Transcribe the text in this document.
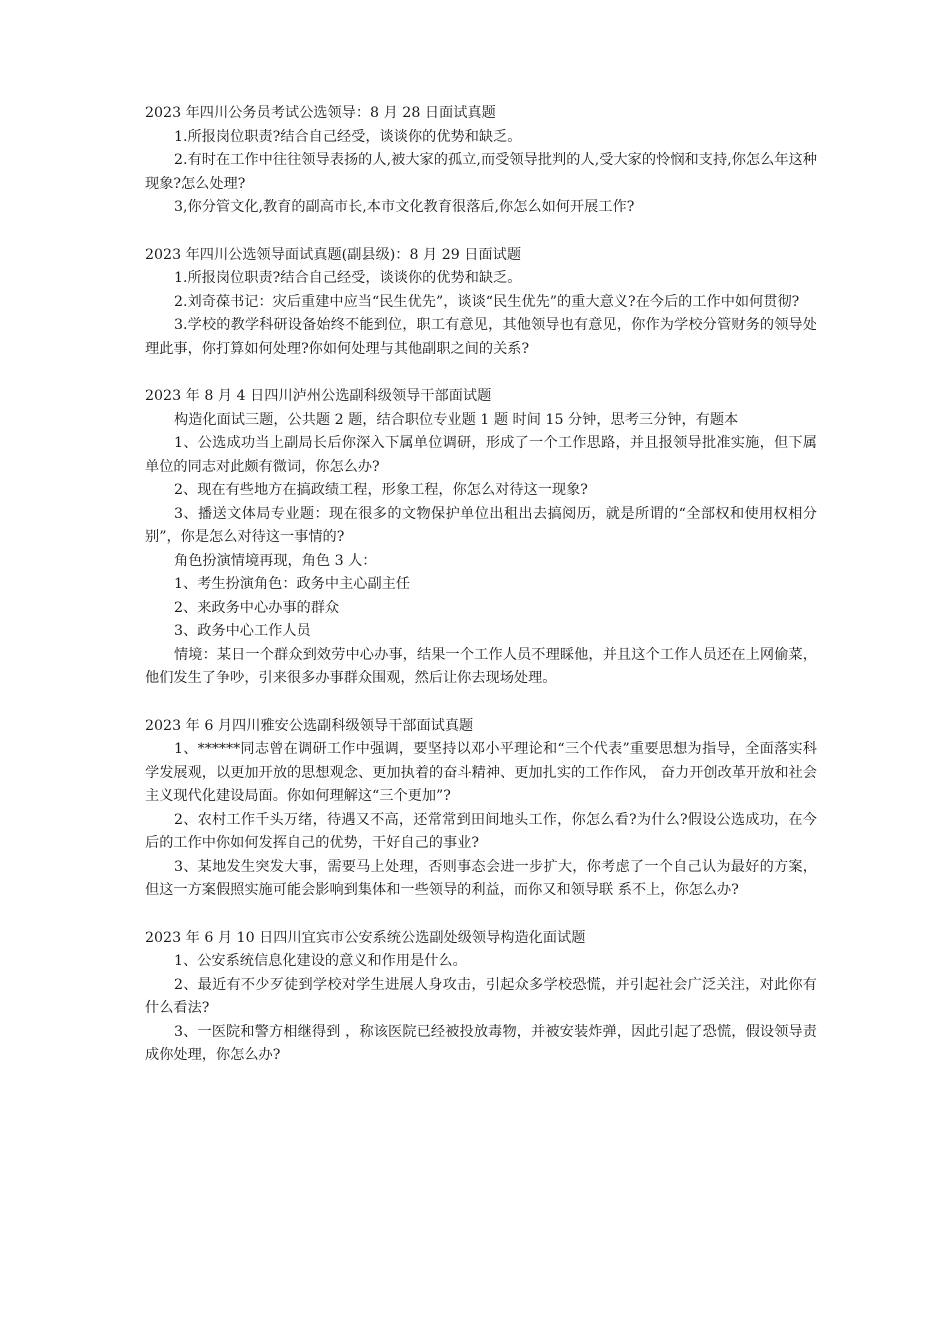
2023 年四川公务员考试公选领导：8 月 28 日面试真题

1.所报岗位职责?结合自己经受，谈谈你的优势和缺乏。

2.有时在工作中往往领导表扬的人,被大家的孤立,而受领导批判的人,受大家的怜悯和支持,你怎么年这种现象?怎么处理?

3,你分管文化,教育的副高市长,本市文化教育很落后,你怎么如何开展工作?

2023 年四川公选领导面试真题(副县级)：8 月 29 日面试题

1.所报岗位职责?结合自己经受，谈谈你的优势和缺乏。

2.刘奇葆书记：灾后重建中应当“民生优先”，谈谈“民生优先”的重大意义?在今后的工作中如何贯彻?

3.学校的教学科研设备始终不能到位，职工有意见，其他领导也有意见，你作为学校分管财务的领导处理此事，你打算如何处理?你如何处理与其他副职之间的关系?

2023 年 8 月 4 日四川泸州公选副科级领导干部面试题

构造化面试三题，公共题 2 题，结合职位专业题 1 题 时间 15 分钟，思考三分钟，有题本

1、公选成功当上副局长后你深入下属单位调研，形成了一个工作思路，并且报领导批准实施，但下属单位的同志对此颇有微词，你怎么办?

2、现在有些地方在搞政绩工程，形象工程，你怎么对待这一现象?

3、播送文体局专业题：现在很多的文物保护单位出租出去搞阅历，就是所谓的“全部权和使用权相分别”，你是怎么对待这一事情的?

角色扮演情境再现，角色 3 人：

1、考生扮演角色：政务中主心副主任

2、来政务中心办事的群众

3、政务中心工作人员

情境：某日一个群众到效劳中心办事，结果一个工作人员不理睬他，并且这个工作人员还在上网偷菜，他们发生了争吵，引来很多办事群众围观，然后让你去现场处理。

2023 年 6 月四川雅安公选副科级领导干部面试真题

1、******同志曾在调研工作中强调，要坚持以邓小平理论和“三个代表”重要思想为指导，全面落实科学发展观，以更加开放的思想观念、更加执着的奋斗精神、更加扎实的工作作风， 奋力开创改革开放和社会主义现代化建设局面。你如何理解这“三个更加”?

2、农村工作千头万绪，待遇又不高，还常常到田间地头工作，你怎么看?为什么?假设公选成功，在今后的工作中你如何发挥自己的优势，干好自己的事业?

3、某地发生突发大事，需要马上处理，否则事态会进一步扩大，你考虑了一个自己认为最好的方案，但这一方案假照实施可能会影响到集体和一些领导的利益，而你又和领导联 系不上，你怎么办?

2023 年 6 月 10 日四川宜宾市公安系统公选副处级领导构造化面试题

1、公安系统信息化建设的意义和作用是什么。

2、最近有不少歹徒到学校对学生进展人身攻击，引起众多学校恐慌，并引起社会广泛关注，对此你有什么看法?

3、一医院和警方相继得到 ，称该医院已经被投放毒物，并被安装炸弹，因此引起了恐慌，假设领导责成你处理，你怎么办?
